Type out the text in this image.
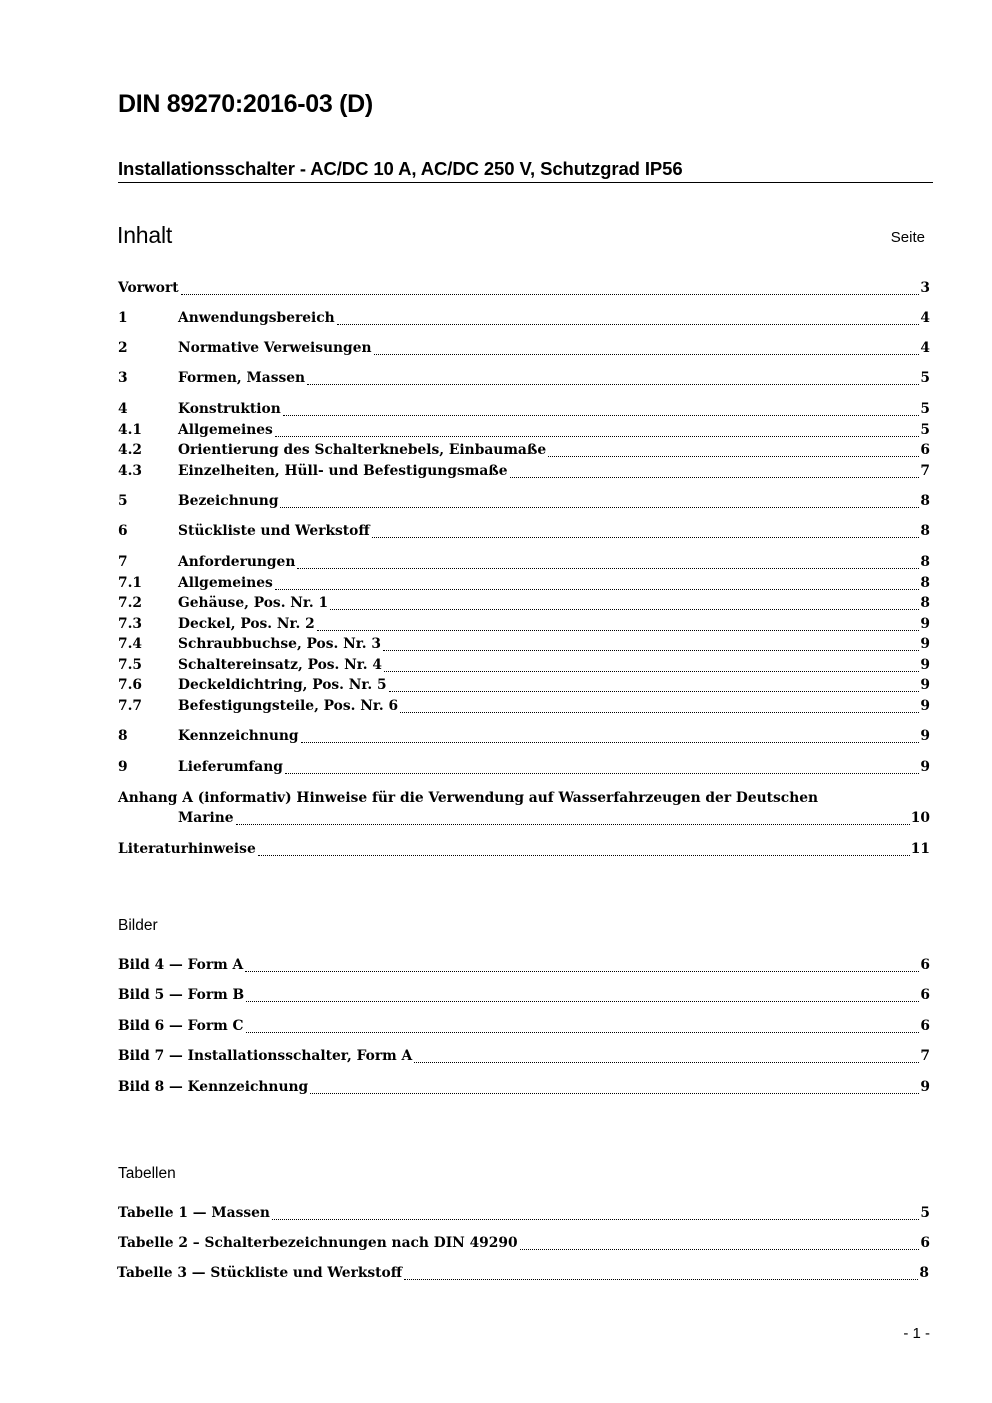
DIN 89270:2016-03 (D)
Installationsschalter - AC/DC 10 A, AC/DC 250 V, Schutzgrad IP56
Inhalt	Seite
Vorwort	3
1	Anwendungsbereich	4
2	Normative Verweisungen	4
3	Formen, Massen	5
4	Konstruktion	5
4.1	Allgemeines	5
4.2	Orientierung des Schalterknebels, Einbaumaße	6
4.3	Einzelheiten, Hüll- und Befestigungsmaße	7
5	Bezeichnung	8
6	Stückliste und Werkstoff	8
7	Anforderungen	8
7.1	Allgemeines	8
7.2	Gehäuse, Pos. Nr. 1	8
7.3	Deckel, Pos. Nr. 2	9
7.4	Schraubbuchse, Pos. Nr. 3	9
7.5	Schaltereinsatz, Pos. Nr. 4	9
7.6	Deckeldichtring, Pos. Nr. 5	9
7.7	Befestigungsteile, Pos. Nr. 6	9
8	Kennzeichnung	9
9	Lieferumfang	9
Anhang A (informativ) Hinweise für die Verwendung auf Wasserfahrzeugen der Deutschen
Marine	10
Literaturhinweise	11
Bilder
Bild 4 — Form A	6
Bild 5 — Form B	6
Bild 6 — Form C	6
Bild 7 — Installationsschalter, Form A	7
Bild 8 — Kennzeichnung	9
Tabellen
Tabelle 1 — Massen	5
Tabelle 2 – Schalterbezeichnungen nach DIN 49290	6
Tabelle 3 — Stückliste und Werkstoff	8
- 1 -
